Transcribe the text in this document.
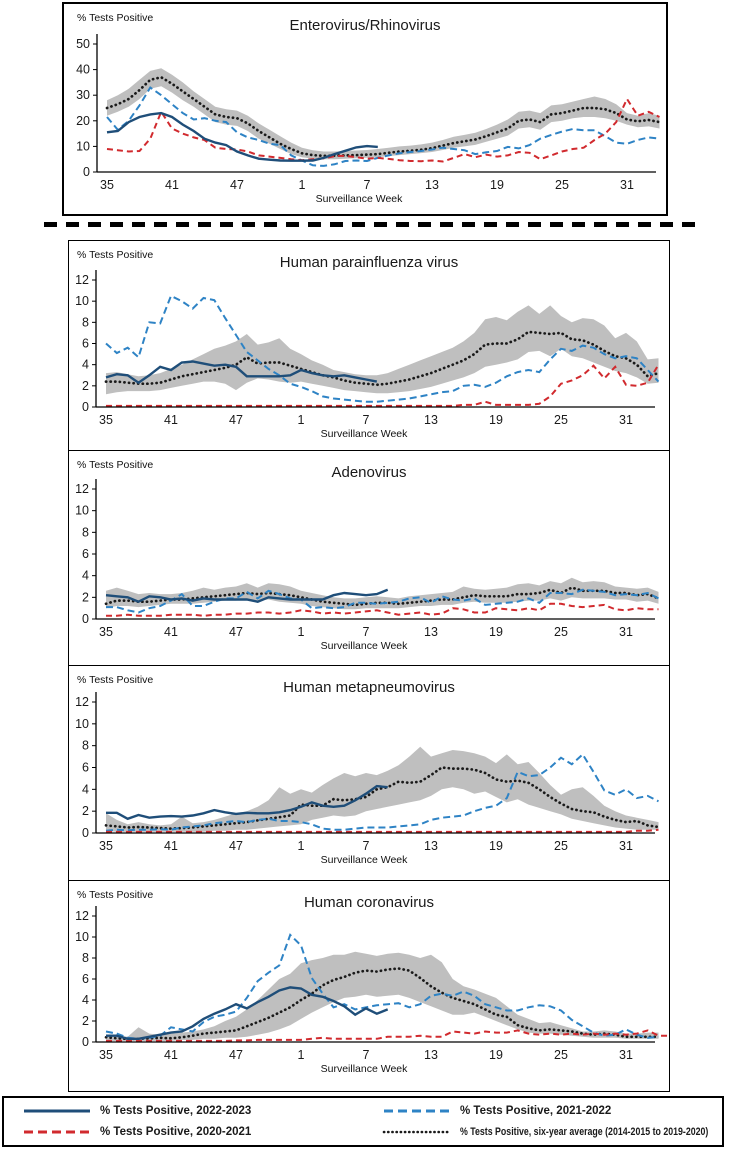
0
10
20
30
40
50
35	41	47	1	7	13	19	25	31
Surveillance Week
% Tests Positive	Enterovirus/Rhinovirus
0
2
4
6
8
10
12
35	41	47	1	7	13	19	25	31
Surveillance Week
% Tests Positive	Human parainfluenza virus
0
2
4
6
8
10
12
35	41	47	1	7	13	19	25	31
Surveillance Week
% Tests Positive	Adenovirus
0
2
4
6
8
10
12
35	41	47	1	7	13	19	25	31
Surveillance Week
% Tests Positive	Human metapneumovirus
0
2
4
6
8
10
12
35	41	47	1	7	13	19	25	31
Surveillance Week
% Tests Positive	Human coronavirus
% Tests Positive, 2022-2023	% Tests Positive, 2021-2022
% Tests Positive, 2020-2021	% Tests Positive, six-year average (2014-2015 to 2019-2020)
